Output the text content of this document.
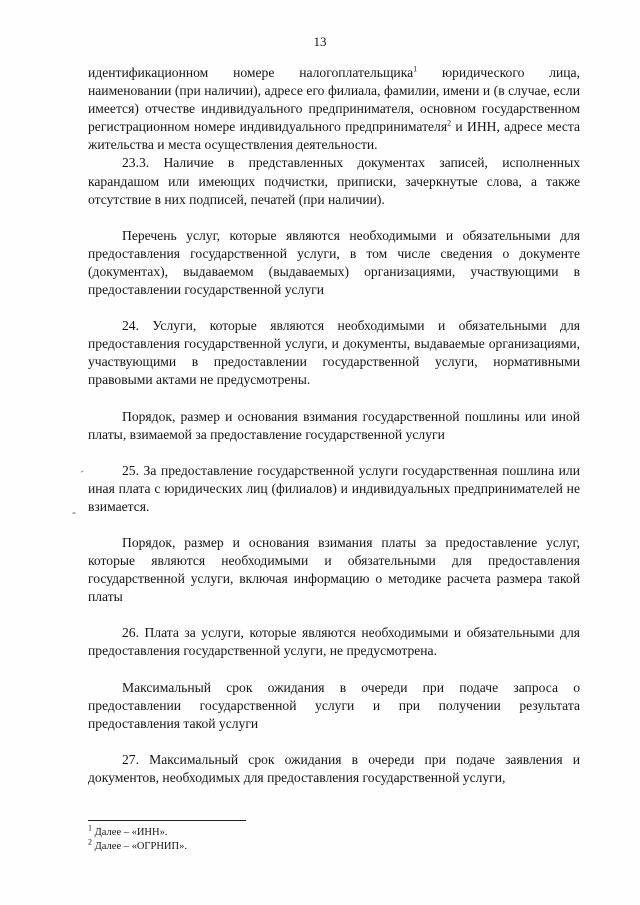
13

идентификационном номере налогоплательщика$^1$ юридического лица, наименовании (при наличии), адресе его филиала, фамилии, имени и (в случае, если имеется) отчестве индивидуального предпринимателя, основном государственном регистрационном номере индивидуального предпринимателя$^2$ и ИНН, адресе места жительства и места осуществления деятельности.

23.3. Наличие в представленных документах записей, исполненных карандашом или имеющих подчистки, приписки, зачеркнутые слова, а также отсутствие в них подписей, печатей (при наличии).

Перечень услуг, которые являются необходимыми и обязательными для предоставления государственной услуги, в том числе сведения о документе (документах), выдаваемом (выдаваемых) организациями, участвующими в предоставлении государственной услуги

24. Услуги, которые являются необходимыми и обязательными для предоставления государственной услуги, и документы, выдаваемые организациями, участвующими в предоставлении государственной услуги, нормативными правовыми актами не предусмотрены.

Порядок, размер и основания взимания государственной пошлины или иной платы, взимаемой за предоставление государственной услуги

25. За предоставление государственной услуги государственная пошлина или иная плата с юридических лиц (филиалов) и индивидуальных предпринимателей не взимается.

Порядок, размер и основания взимания платы за предоставление услуг, которые являются необходимыми и обязательными для предоставления государственной услуги, включая информацию о методике расчета размера такой платы

26. Плата за услуги, которые являются необходимыми и обязательными для предоставления государственной услуги, не предусмотрена.

Максимальный срок ожидания в очереди при подаче запроса о предоставлении государственной услуги и при получении результата предоставления такой услуги

27. Максимальный срок ожидания в очереди при подаче заявления и документов, необходимых для предоставления государственной услуги,

ˊ
‐
$^1$ Далее – «ИНН».
$^2$ Далее – «ОГРНИП».
